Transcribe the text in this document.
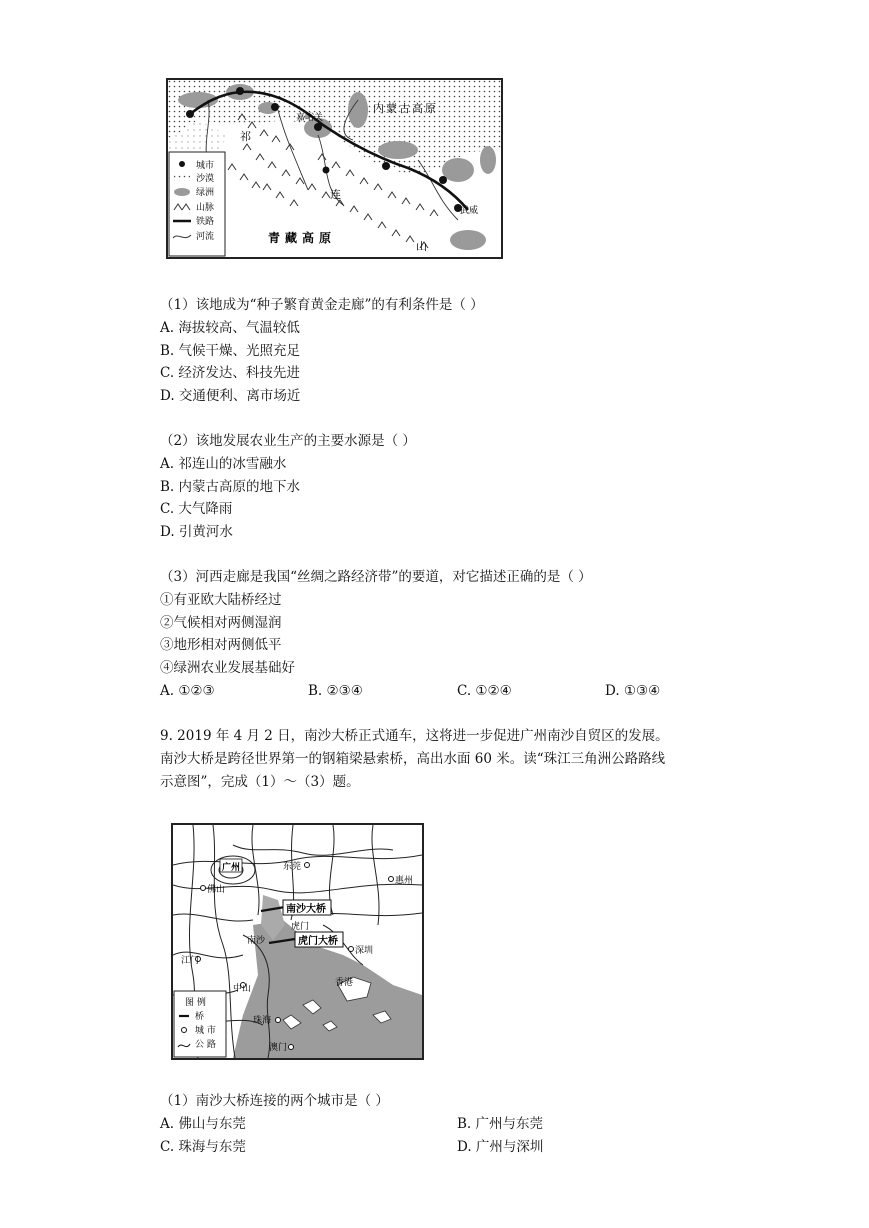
嘉峪关
内蒙古高原
青藏高原
武威
祁
连
山
城市
沙漠
绿洲
山脉
铁路
河流
（1）该地成为“种子繁育黄金走廊”的有利条件是（ ）
A. 海拔较高、气温较低
B. 气候干燥、光照充足
C. 经济发达、科技先进
D. 交通便利、离市场近
（2）该地发展农业生产的主要水源是（ ）
A. 祁连山的冰雪融水
B. 内蒙古高原的地下水
C. 大气降雨
D. 引黄河水
（3）河西走廊是我国“丝绸之路经济带”的要道，对它描述正确的是（ ）
①有亚欧大陆桥经过
②气候相对两侧湿润
③地形相对两侧低平
④绿洲农业发展基础好
A. ①②③	B. ②③④	C. ①②④	D. ①③④
9. 2019 年 4 月 2 日，南沙大桥正式通车，这将进一步促进广州南沙自贸区的发展。
南沙大桥是跨径世界第一的钢箱梁悬索桥，高出水面 60 米。读“珠江三角洲公路路线
示意图”，完成（1）～（3）题。
广州
佛山
东莞
惠州
南沙大桥
虎门
南沙	虎门大桥
江门
深圳
中山
香港
珠海
澳门
图 例
桥
城 市
公 路
（1）南沙大桥连接的两个城市是（ ）
A. 佛山与东莞	B. 广州与东莞
C. 珠海与东莞	D. 广州与深圳
